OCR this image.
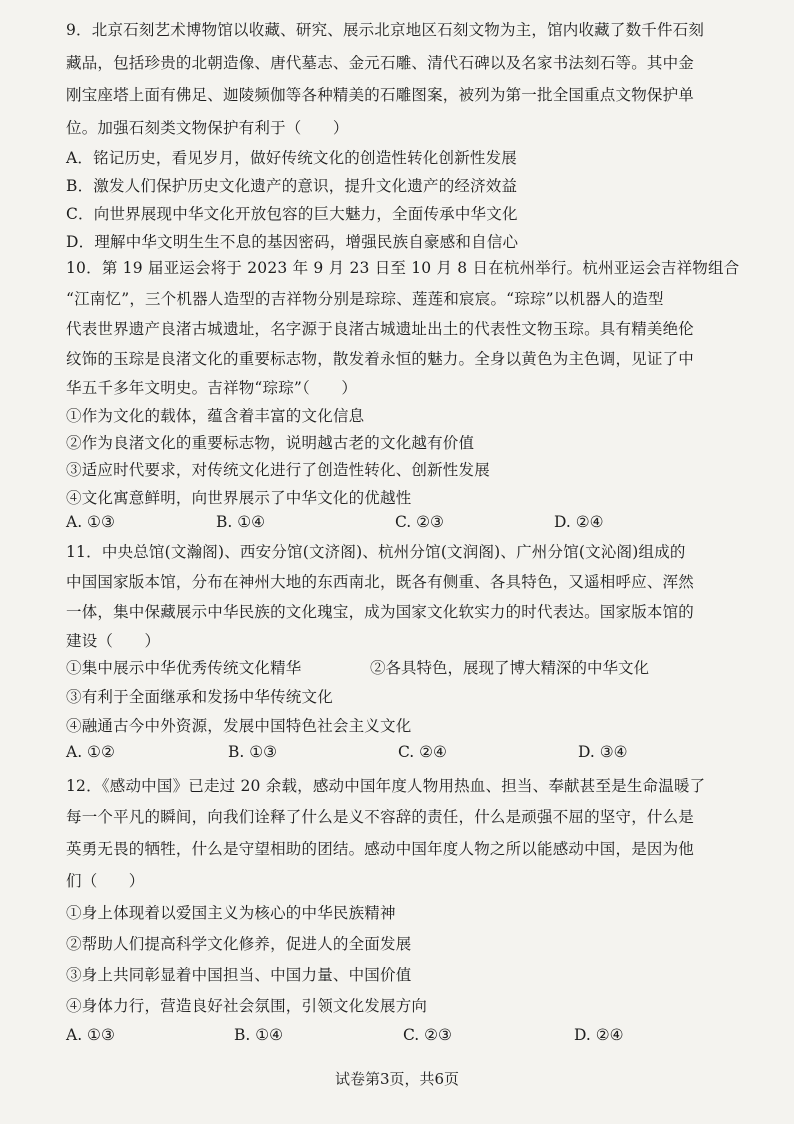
9．北京石刻艺术博物馆以收藏、研究、展示北京地区石刻文物为主，馆内收藏了数千件石刻
藏品，包括珍贵的北朝造像、唐代墓志、金元石雕、清代石碑以及名家书法刻石等。其中金
刚宝座塔上面有佛足、迦陵频伽等各种精美的石雕图案，被列为第一批全国重点文物保护单
位。加强石刻类文物保护有利于（　　）
A．铭记历史，看见岁月，做好传统文化的创造性转化创新性发展
B．激发人们保护历史文化遗产的意识，提升文化遗产的经济效益
C．向世界展现中华文化开放包容的巨大魅力，全面传承中华文化
D．理解中华文明生生不息的基因密码，增强民族自豪感和自信心
10．第 19 届亚运会将于 2023 年 9 月 23 日至 10 月 8 日在杭州举行。杭州亚运会吉祥物组合
“江南忆”，三个机器人造型的吉祥物分别是琮琮、莲莲和宸宸。“琮琮”以机器人的造型
代表世界遗产良渚古城遗址，名字源于良渚古城遗址出土的代表性文物玉琮。具有精美绝伦
纹饰的玉琮是良渚文化的重要标志物，散发着永恒的魅力。全身以黄色为主色调，见证了中
华五千多年文明史。吉祥物“琮琮”（　　）
①作为文化的载体，蕴含着丰富的文化信息
②作为良渚文化的重要标志物，说明越古老的文化越有价值
③适应时代要求，对传统文化进行了创造性转化、创新性发展
④文化寓意鲜明，向世界展示了中华文化的优越性
A. ①③	B. ①④	C. ②③	D. ②④
11．中央总馆(文瀚阁)、西安分馆(文济阁)、杭州分馆(文润阁)、广州分馆(文沁阁)组成的
中国国家版本馆，分布在神州大地的东西南北，既各有侧重、各具特色，又遥相呼应、浑然
一体，集中保藏展示中华民族的文化瑰宝，成为国家文化软实力的时代表达。国家版本馆的
建设（　　）
①集中展示中华优秀传统文化精华	②各具特色，展现了博大精深的中华文化
③有利于全面继承和发扬中华传统文化
④融通古今中外资源，发展中国特色社会主义文化
A. ①②	B. ①③	C. ②④	D. ③④
12．《感动中国》已走过 20 余载，感动中国年度人物用热血、担当、奉献甚至是生命温暖了
每一个平凡的瞬间，向我们诠释了什么是义不容辞的责任，什么是顽强不屈的坚守，什么是
英勇无畏的牺牲，什么是守望相助的团结。感动中国年度人物之所以能感动中国，是因为他
们（　　）
①身上体现着以爱国主义为核心的中华民族精神
②帮助人们提高科学文化修养，促进人的全面发展
③身上共同彰显着中国担当、中国力量、中国价值
④身体力行，营造良好社会氛围，引领文化发展方向
A. ①③	B. ①④	C. ②③	D. ②④
试卷第3页，共6页
